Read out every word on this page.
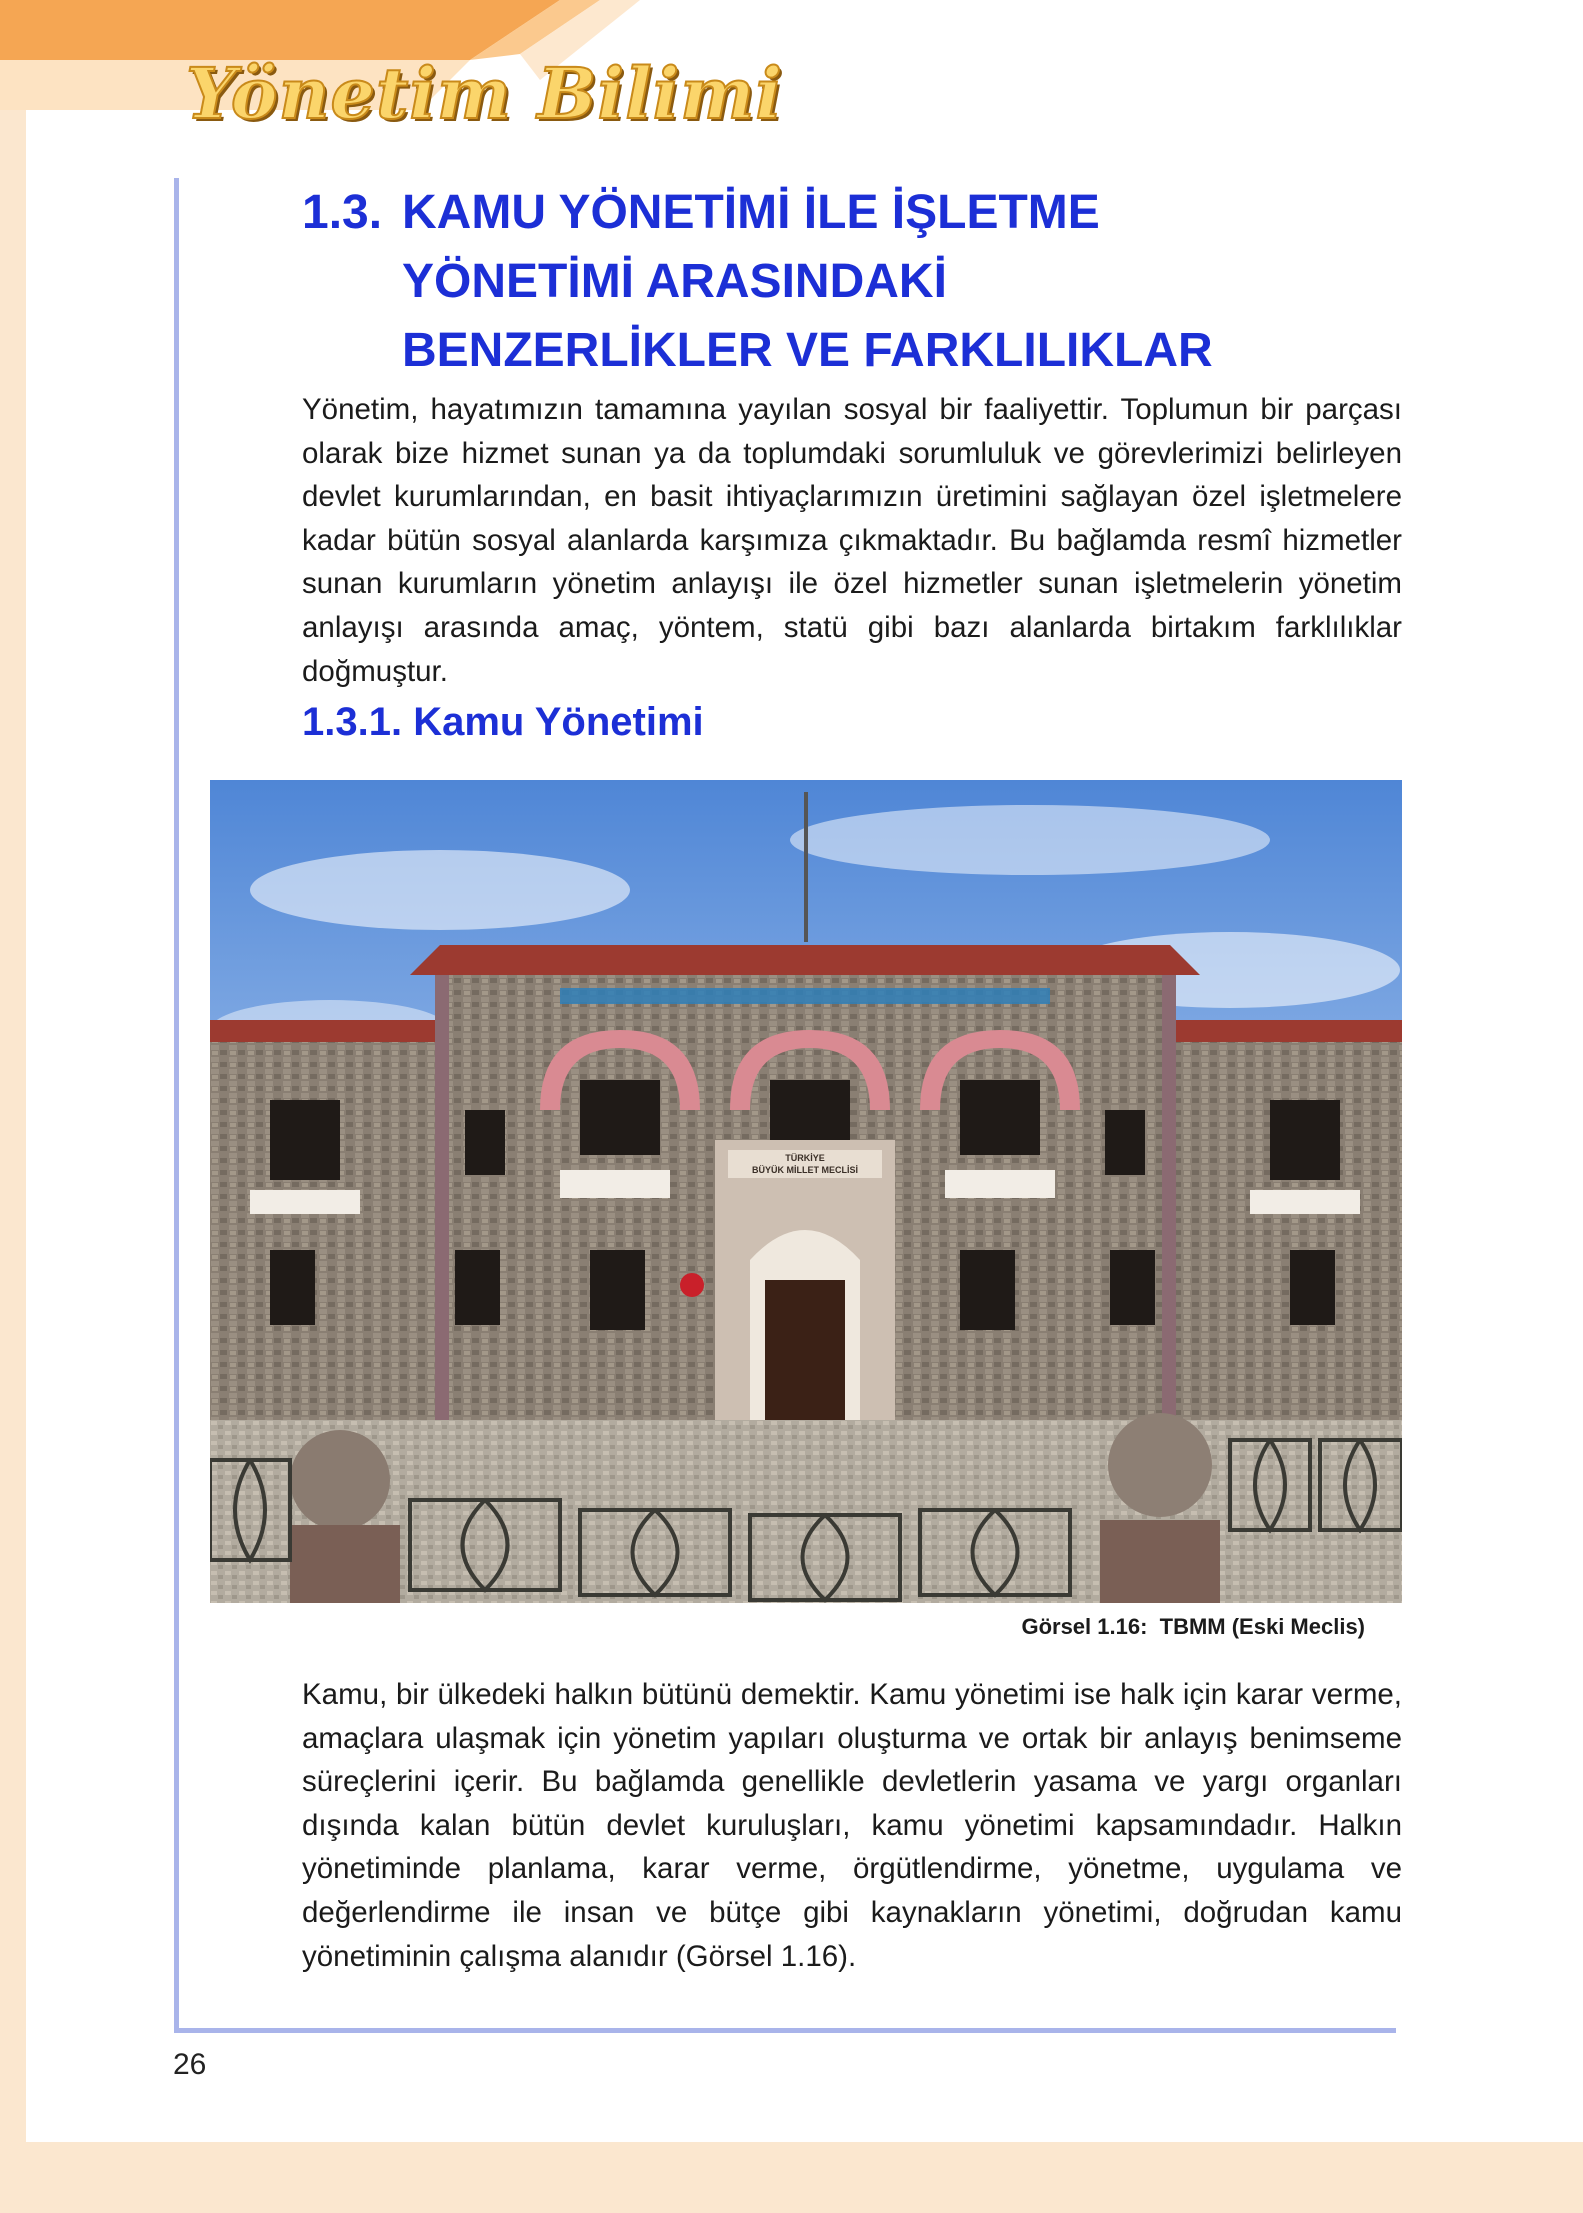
Yönetim Bilimi
1.3. KAMU YÖNETİMİ İLE İŞLETME
YÖNETİMİ ARASINDAKİ
BENZERLİKLER VE FARKLILIKLAR

Yönetim, hayatımızın tamamına yayılan sosyal bir faaliyettir. Toplumun bir parçası olarak bize hizmet sunan ya da toplumdaki sorumluluk ve görevlerimizi belirleyen devlet kurumlarından, en basit ihtiyaçlarımızın üretimini sağlayan özel işletmelere kadar bütün sosyal alanlarda karşımıza çıkmaktadır. Bu bağlamda resmî hizmetler sunan kurumların yönetim anlayışı ile özel hizmetler sunan işletmelerin yönetim anlayışı arasında amaç, yöntem, statü gibi bazı alanlarda birtakım farklılıklar doğmuştur.

1.3.1. Kamu Yönetimi
TÜRKİYE
BÜYÜK MİLLET MECLİSİ
Görsel 1.16:  TBMM (Eski Meclis)

Kamu, bir ülkedeki halkın bütünü demektir. Kamu yönetimi ise halk için karar verme, amaçlara ulaşmak için yönetim yapıları oluşturma ve ortak bir anlayış benimseme süreçlerini içerir. Bu bağlamda genellikle devletlerin yasama ve yargı organları dışında kalan bütün devlet kuruluşları, kamu yönetimi kapsamındadır. Halkın yönetiminde planlama, karar verme, örgütlendirme, yönetme, uygulama ve değerlendirme ile insan ve bütçe gibi kaynakların yönetimi, doğrudan kamu yönetiminin çalışma alanıdır (Görsel 1.16).

26
